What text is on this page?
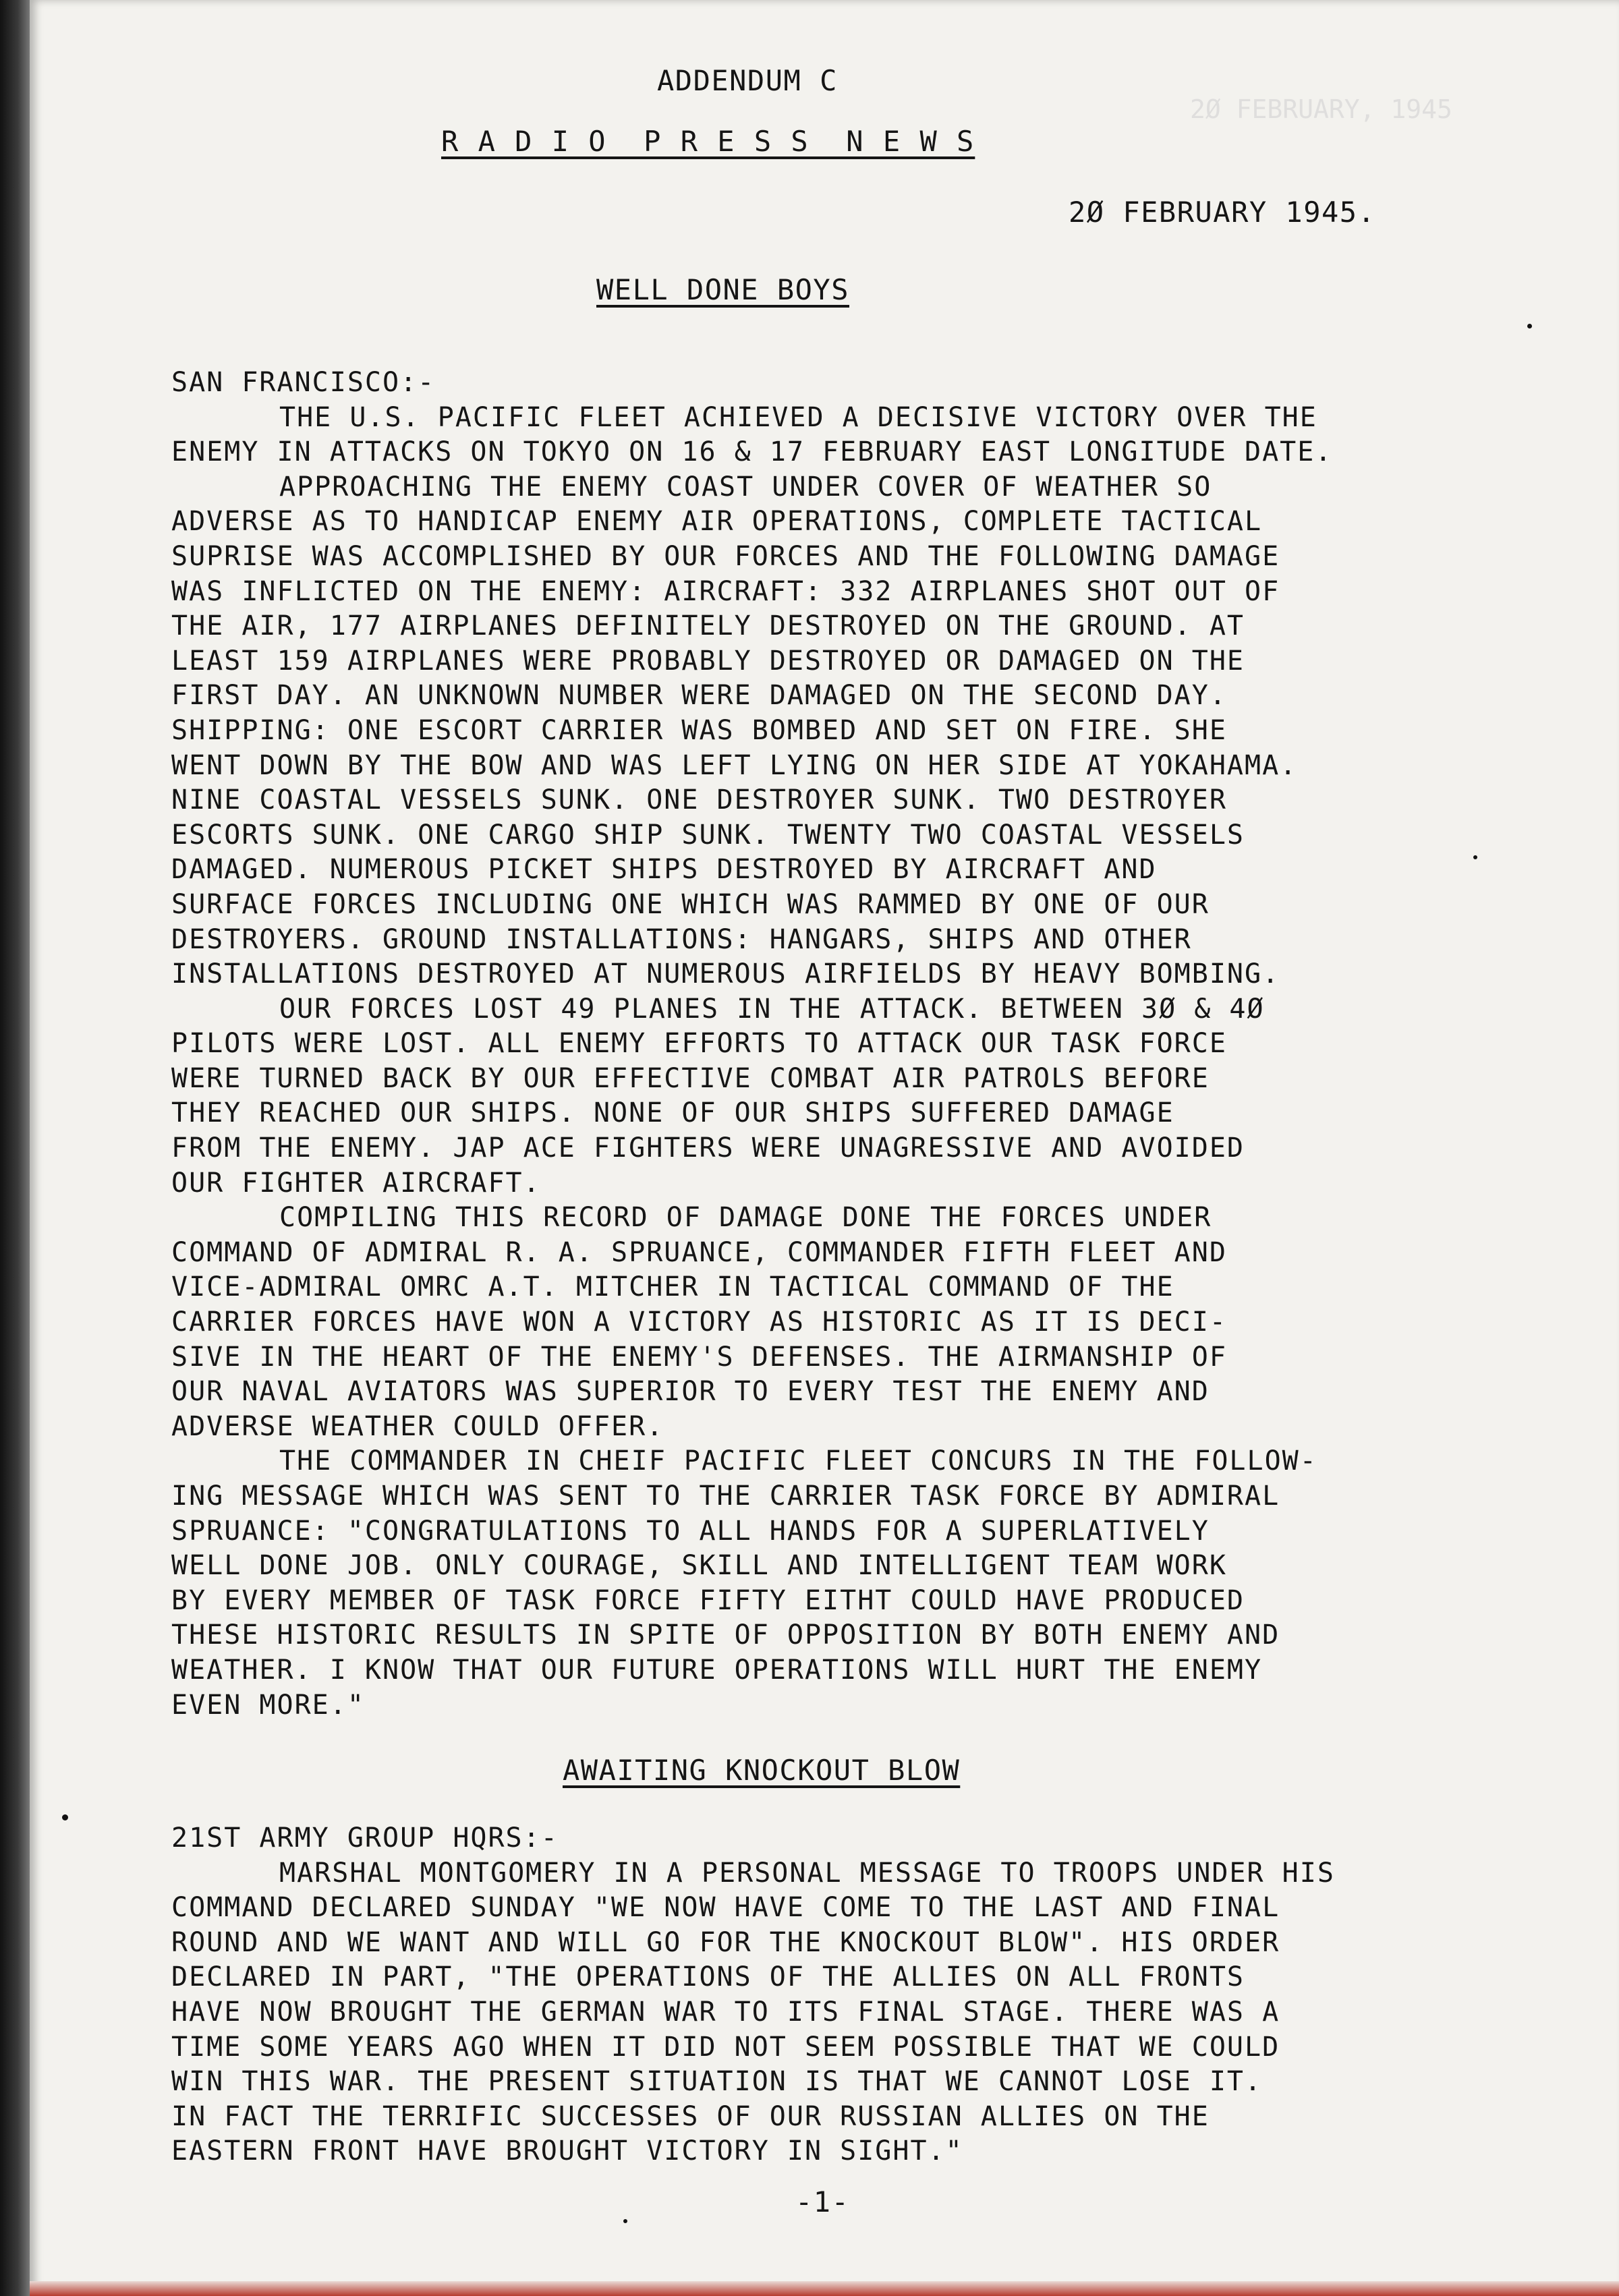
2Ø FEBRUARY, 1945
ADDENDUM C
R A D I O  P R E S S  N E W S
2Ø FEBRUARY 1945.
WELL DONE BOYS
SAN FRANCISCO:-
THE U.S. PACIFIC FLEET ACHIEVED A DECISIVE VICTORY OVER THE
ENEMY IN ATTACKS ON TOKYO ON 16 & 17 FEBRUARY EAST LONGITUDE DATE.
APPROACHING THE ENEMY COAST UNDER COVER OF WEATHER SO
ADVERSE AS TO HANDICAP ENEMY AIR OPERATIONS, COMPLETE TACTICAL
SUPRISE WAS ACCOMPLISHED BY OUR FORCES AND THE FOLLOWING DAMAGE
WAS INFLICTED ON THE ENEMY: AIRCRAFT: 332 AIRPLANES SHOT OUT OF
THE AIR, 177 AIRPLANES DEFINITELY DESTROYED ON THE GROUND. AT
LEAST 159 AIRPLANES WERE PROBABLY DESTROYED OR DAMAGED ON THE
FIRST DAY. AN UNKNOWN NUMBER WERE DAMAGED ON THE SECOND DAY.
SHIPPING: ONE ESCORT CARRIER WAS BOMBED AND SET ON FIRE. SHE
WENT DOWN BY THE BOW AND WAS LEFT LYING ON HER SIDE AT YOKAHAMA.
NINE COASTAL VESSELS SUNK. ONE DESTROYER SUNK. TWO DESTROYER
ESCORTS SUNK. ONE CARGO SHIP SUNK. TWENTY TWO COASTAL VESSELS
DAMAGED. NUMEROUS PICKET SHIPS DESTROYED BY AIRCRAFT AND
SURFACE FORCES INCLUDING ONE WHICH WAS RAMMED BY ONE OF OUR
DESTROYERS. GROUND INSTALLATIONS: HANGARS, SHIPS AND OTHER
INSTALLATIONS DESTROYED AT NUMEROUS AIRFIELDS BY HEAVY BOMBING.
OUR FORCES LOST 49 PLANES IN THE ATTACK. BETWEEN 3Ø & 4Ø
PILOTS WERE LOST. ALL ENEMY EFFORTS TO ATTACK OUR TASK FORCE
WERE TURNED BACK BY OUR EFFECTIVE COMBAT AIR PATROLS BEFORE
THEY REACHED OUR SHIPS. NONE OF OUR SHIPS SUFFERED DAMAGE
FROM THE ENEMY. JAP ACE FIGHTERS WERE UNAGRESSIVE AND AVOIDED
OUR FIGHTER AIRCRAFT.
COMPILING THIS RECORD OF DAMAGE DONE THE FORCES UNDER
COMMAND OF ADMIRAL R. A. SPRUANCE, COMMANDER FIFTH FLEET AND
VICE-ADMIRAL OMRC A.T. MITCHER IN TACTICAL COMMAND OF THE
CARRIER FORCES HAVE WON A VICTORY AS HISTORIC AS IT IS DECI-
SIVE IN THE HEART OF THE ENEMY'S DEFENSES. THE AIRMANSHIP OF
OUR NAVAL AVIATORS WAS SUPERIOR TO EVERY TEST THE ENEMY AND
ADVERSE WEATHER COULD OFFER.
THE COMMANDER IN CHEIF PACIFIC FLEET CONCURS IN THE FOLLOW-
ING MESSAGE WHICH WAS SENT TO THE CARRIER TASK FORCE BY ADMIRAL
SPRUANCE: "CONGRATULATIONS TO ALL HANDS FOR A SUPERLATIVELY
WELL DONE JOB. ONLY COURAGE, SKILL AND INTELLIGENT TEAM WORK
BY EVERY MEMBER OF TASK FORCE FIFTY EITHT COULD HAVE PRODUCED
THESE HISTORIC RESULTS IN SPITE OF OPPOSITION BY BOTH ENEMY AND
WEATHER. I KNOW THAT OUR FUTURE OPERATIONS WILL HURT THE ENEMY
EVEN MORE."
AWAITING KNOCKOUT BLOW
21ST ARMY GROUP HQRS:-
MARSHAL MONTGOMERY IN A PERSONAL MESSAGE TO TROOPS UNDER HIS
COMMAND DECLARED SUNDAY "WE NOW HAVE COME TO THE LAST AND FINAL
ROUND AND WE WANT AND WILL GO FOR THE KNOCKOUT BLOW". HIS ORDER
DECLARED IN PART, "THE OPERATIONS OF THE ALLIES ON ALL FRONTS
HAVE NOW BROUGHT THE GERMAN WAR TO ITS FINAL STAGE. THERE WAS A
TIME SOME YEARS AGO WHEN IT DID NOT SEEM POSSIBLE THAT WE COULD
WIN THIS WAR. THE PRESENT SITUATION IS THAT WE CANNOT LOSE IT.
IN FACT THE TERRIFIC SUCCESSES OF OUR RUSSIAN ALLIES ON THE
EASTERN FRONT HAVE BROUGHT VICTORY IN SIGHT."
-1-
